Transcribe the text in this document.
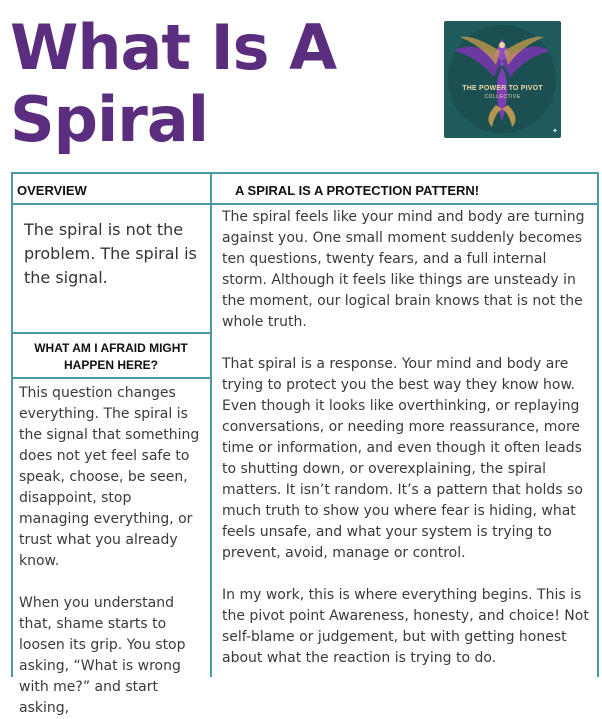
What Is A
Spiral	✦
THE POWER TO PIVOT
COLLECTIVE
OVERVIEW	A SPIRAL IS A PROTECTION PATTERN!

The spiral is not the problem. The spiral is the signal.

WHAT AM I AFRAID MIGHT
HAPPEN HERE?

This question changes everything. The spiral is the signal that something does not yet feel safe to speak, choose, be seen, disappoint, stop managing everything, or trust what you already know.

When you understand that, shame starts to loosen its grip. You stop asking, “What is wrong with me?” and start asking,

The spiral feels like your mind and body are turning against you. One small moment suddenly becomes ten questions, twenty fears, and a full internal storm. Although it feels like things are unsteady in the moment, our logical brain knows that is not the whole truth.

That spiral is a response. Your mind and body are trying to protect you the best way they know how. Even though it looks like overthinking, or replaying conversations, or needing more reassurance, more time or information, and even though it often leads to shutting down, or overexplaining, the spiral matters. It isn’t random. It’s a pattern that holds so much truth to show you where fear is hiding, what feels unsafe, and what your system is trying to prevent, avoid, manage or control.

In my work, this is where everything begins. This is the pivot point Awareness, honesty, and choice! Not self-blame or judgement, but with getting honest about what the reaction is trying to do.
